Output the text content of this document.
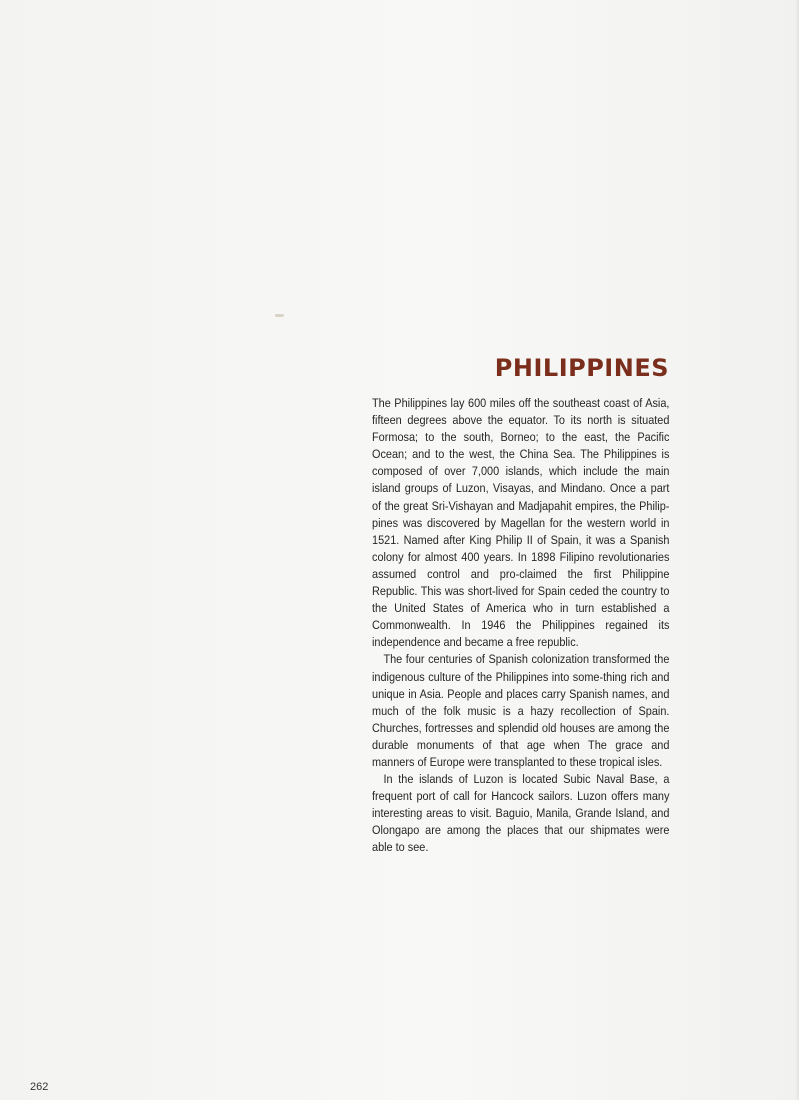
PHILIPPINES

The Philippines lay 600 miles off the southeast coast of Asia, fifteen degrees above the equator. To its north is situated Formosa; to the south, Borneo; to the east, the Pacific Ocean; and to the west, the China Sea. The Philippines is composed of over 7,000 islands, which include the main island groups of Luzon, Visayas, and Mindano. Once a part of the great Sri-Vishayan and Madjapahit empires, the Philip-pines was discovered by Magellan for the western world in 1521. Named after King Philip II of Spain, it was a Spanish colony for almost 400 years. In 1898 Filipino revolutionaries assumed control and pro-claimed the first Philippine Republic. This was short-lived for Spain ceded the country to the United States of America who in turn established a Commonwealth. In 1946 the Philippines regained its independence and became a free republic.

The four centuries of Spanish colonization transformed the indigenous culture of the Philippines into some-thing rich and unique in Asia. People and places carry Spanish names, and much of the folk music is a hazy recollection of Spain. Churches, fortresses and splendid old houses are among the durable monuments of that age when The grace and manners of Europe were transplanted to these tropical isles.

In the islands of Luzon is located Subic Naval Base, a frequent port of call for Hancock sailors. Luzon offers many interesting areas to visit. Baguio, Manila, Grande Island, and Olongapo are among the places that our shipmates were able to see.

262
